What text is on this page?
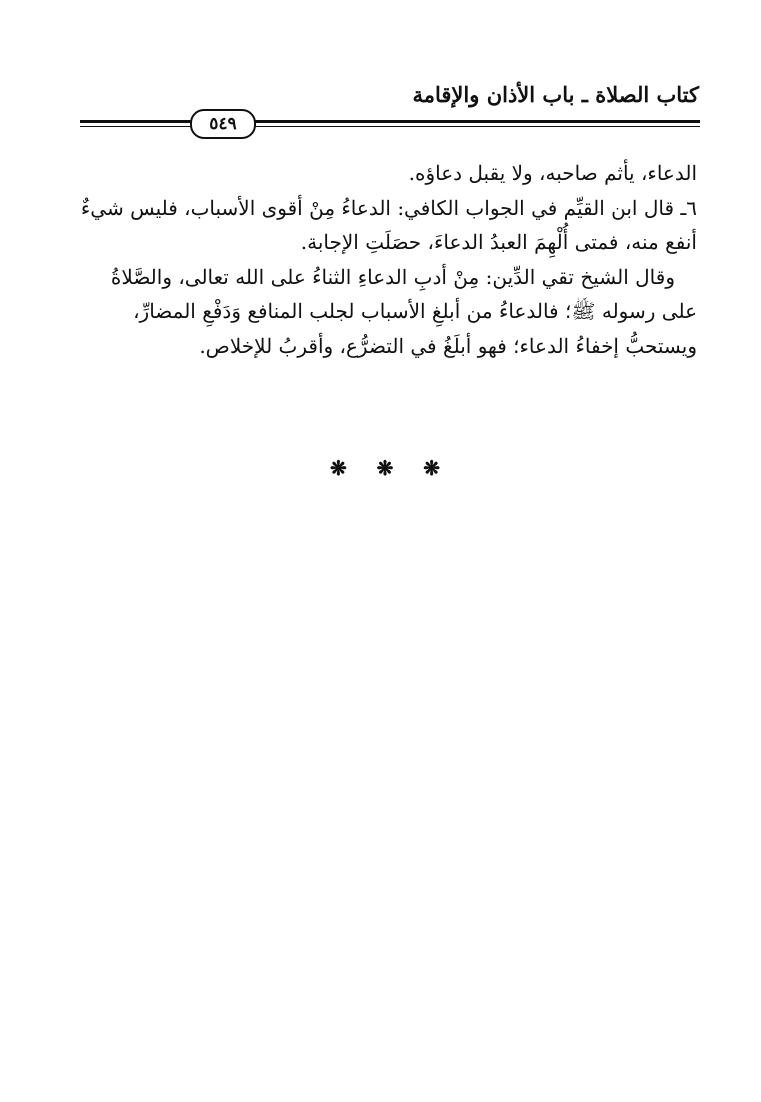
كتاب الصلاة ـ باب الأذان والإقامة
٥٤٩
الدعاء، يأثم صاحبه، ولا يقبل دعاؤه.
٦ـ قال ابن القيِّم في الجواب الكافي: الدعاءُ مِنْ أقوى الأسباب، فليس شيءٌ
أنفع منه، فمتى أُلْهِمَ العبدُ الدعاءَ، حصَلَتِ الإجابة.
وقال الشيخ تقي الدِّين: مِنْ أدبِ الدعاءِ الثناءُ على الله تعالى، والصَّلاةُ
على رسوله ﷺ؛ فالدعاءُ من أبلغِ الأسباب لجلب المنافع وَدَفْعِ المضارِّ،
ويستحبُّ إخفاءُ الدعاء؛ فهو أبلَغُ في التضرُّع، وأقربُ للإخلاص.
❋ ❋ ❋
